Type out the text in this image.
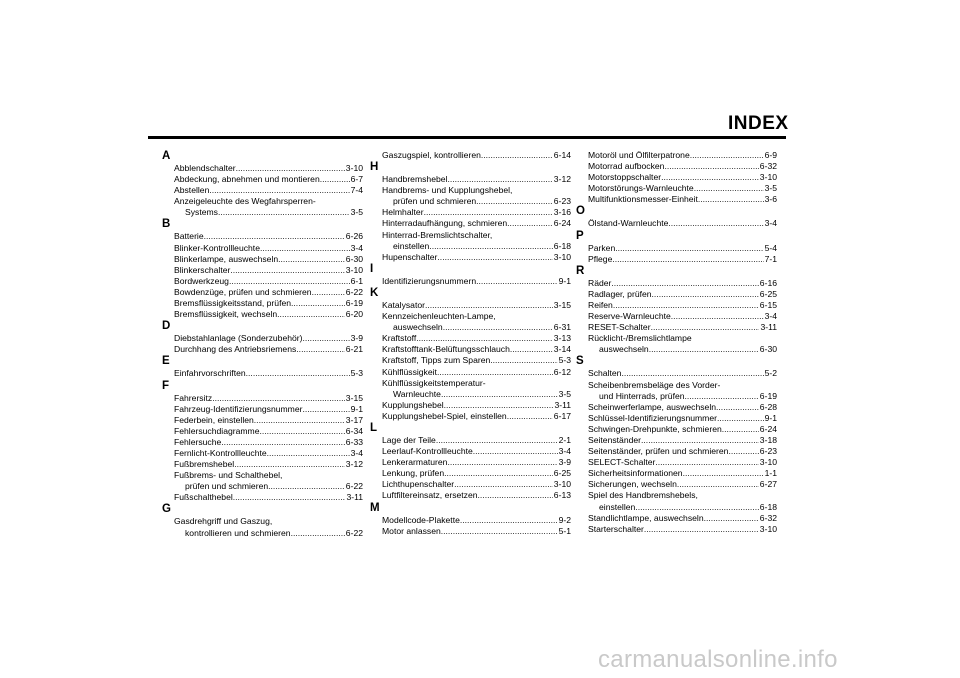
INDEX
A
Abblendschalter .....	3-10
Abdeckung, abnehmen und montieren .....	6-7
Abstellen .....	7-4
Anzeigeleuchte des Wegfahrsperren-
Systems .....	3-5
B
Batterie .....	6-26
Blinker-Kontrollleuchte .....	3-4
Blinkerlampe, auswechseln .....	6-30
Blinkerschalter .....	3-10
Bordwerkzeug .....	6-1
Bowdenzüge, prüfen und schmieren .....	6-22
Bremsflüssigkeitsstand, prüfen .....	6-19
Bremsflüssigkeit, wechseln .....	6-20
D
Diebstahlanlage (Sonderzubehör) .....	3-9
Durchhang des Antriebsriemens .....	6-21
E
Einfahrvorschriften .....	5-3
F
Fahrersitz .....	3-15
Fahrzeug-Identifizierungsnummer .....	9-1
Federbein, einstellen .....	3-17
Fehlersuchdiagramme .....	6-34
Fehlersuche .....	6-33
Fernlicht-Kontrollleuchte .....	3-4
Fußbremshebel .....	3-12
Fußbrems- und Schalthebel,
prüfen und schmieren .....	6-22
Fußschalthebel .....	3-11
G
Gasdrehgriff und Gaszug,
kontrollieren und schmieren .....	6-22
Gaszugspiel, kontrollieren .....	6-14
H
Handbremshebel .....	3-12
Handbrems- und Kupplungshebel,
prüfen und schmieren .....	6-23
Helmhalter .....	3-16
Hinterradaufhängung, schmieren .....	6-24
Hinterrad-Bremslichtschalter,
einstellen .....	6-18
Hupenschalter .....	3-10
I
Identifizierungsnummern .....	9-1
K
Katalysator .....	3-15
Kennzeichenleuchten-Lampe,
auswechseln .....	6-31
Kraftstoff .....	3-13
Kraftstofftank-Belüftungsschlauch .....	3-14
Kraftstoff, Tipps zum Sparen .....	5-3
Kühlflüssigkeit .....	6-12
Kühlflüssigkeitstemperatur-
Warnleuchte .....	3-5
Kupplungshebel .....	3-11
Kupplungshebel-Spiel, einstellen .....	6-17
L
Lage der Teile .....	2-1
Leerlauf-Kontrollleuchte .....	3-4
Lenkerarmaturen .....	3-9
Lenkung, prüfen .....	6-25
Lichthupenschalter .....	3-10
Luftfiltereinsatz, ersetzen .....	6-13
M
Modellcode-Plakette .....	9-2
Motor anlassen .....	5-1
Motoröl und Ölfilterpatrone .....	6-9
Motorrad aufbocken .....	6-32
Motorstoppschalter .....	3-10
Motorstörungs-Warnleuchte .....	3-5
Multifunktionsmesser-Einheit .....	3-6
O
Ölstand-Warnleuchte .....	3-4
P
Parken .....	5-4
Pflege .....	7-1
R
Räder .....	6-16
Radlager, prüfen .....	6-25
Reifen .....	6-15
Reserve-Warnleuchte .....	3-4
RESET-Schalter .....	3-11
Rücklicht-/Bremslichtlampe
auswechseln .....	6-30
S
Schalten .....	5-2
Scheibenbremsbeläge des Vorder-
und Hinterrads, prüfen .....	6-19
Scheinwerferlampe, auswechseln .....	6-28
Schlüssel-Identifizierungsnummer .....	9-1
Schwingen-Drehpunkte, schmieren .....	6-24
Seitenständer .....	3-18
Seitenständer, prüfen und schmieren .....	6-23
SELECT-Schalter .....	3-10
Sicherheitsinformationen .....	1-1
Sicherungen, wechseln .....	6-27
Spiel des Handbremshebels,
einstellen .....	6-18
Standlichtlampe, auswechseln .....	6-32
Starterschalter .....	3-10
carmanualsonline.info
